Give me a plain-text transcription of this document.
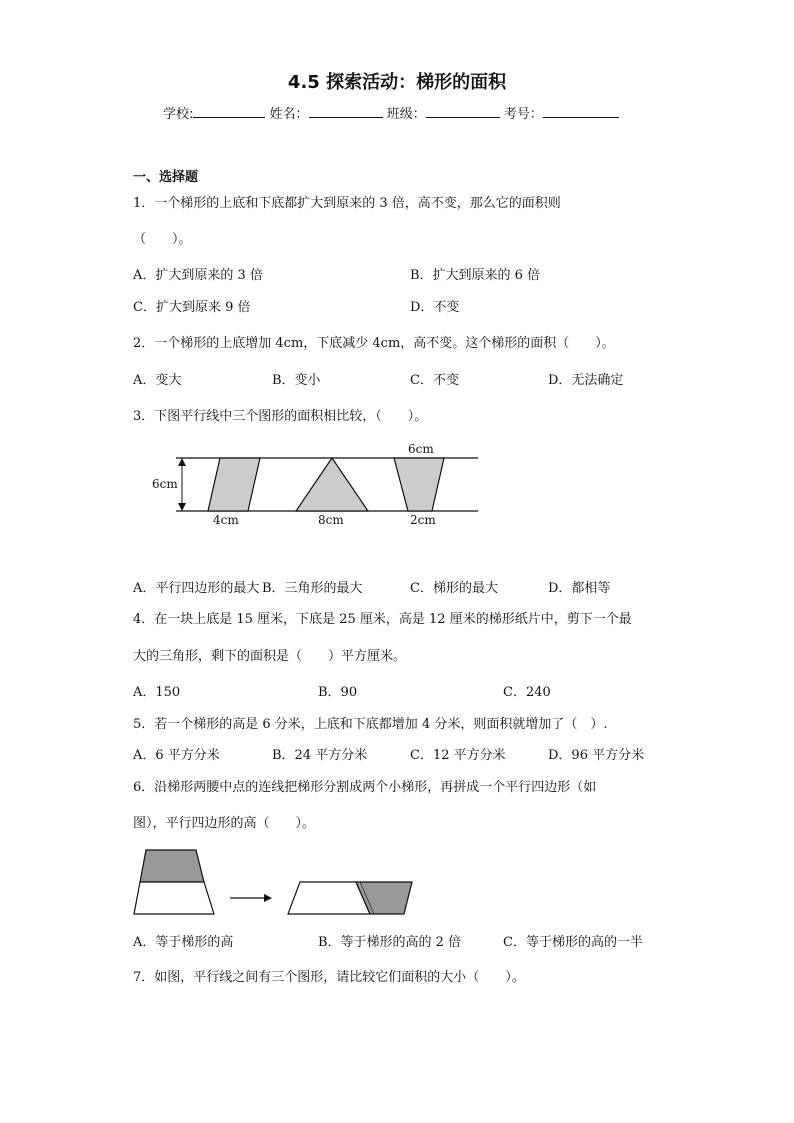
4.5 探索活动：梯形的面积
学校:	姓名：	班级：	考号：
一、选择题
1．一个梯形的上底和下底都扩大到原来的 3 倍，高不变，那么它的面积则
（　　）。
A．扩大到原来的 3 倍	B．扩大到原来的 6 倍
C．扩大到原来 9 倍	D．不变
2．一个梯形的上底增加 4cm，下底减少 4cm，高不变。这个梯形的面积（　　）。
A．变大	B．变小	C．不变	D．无法确定
3．下图平行线中三个图形的面积相比较，（　　）。
6cm
4cm	8cm
6cm
2cm
A．平行四边形的最大 B．三角形的最大	C．梯形的最大	D．都相等
4．在一块上底是 15 厘米，下底是 25 厘米，高是 12 厘米的梯形纸片中，剪下一个最
大的三角形，剩下的面积是（　　）平方厘米。
A．150	B．90	C．240
5．若一个梯形的高是 6 分米，上底和下底都增加 4 分米，则面积就增加了（　）.
A．6 平方分米	B．24 平方分米	C．12 平方分米	D．96 平方分米
6．沿梯形两腰中点的连线把梯形分割成两个小梯形，再拼成一个平行四边形（如
图），平行四边形的高（　　）。
A．等于梯形的高	B．等于梯形的高的 2 倍	C．等于梯形的高的一半
7．如图，平行线之间有三个图形，请比较它们面积的大小（　　）。
